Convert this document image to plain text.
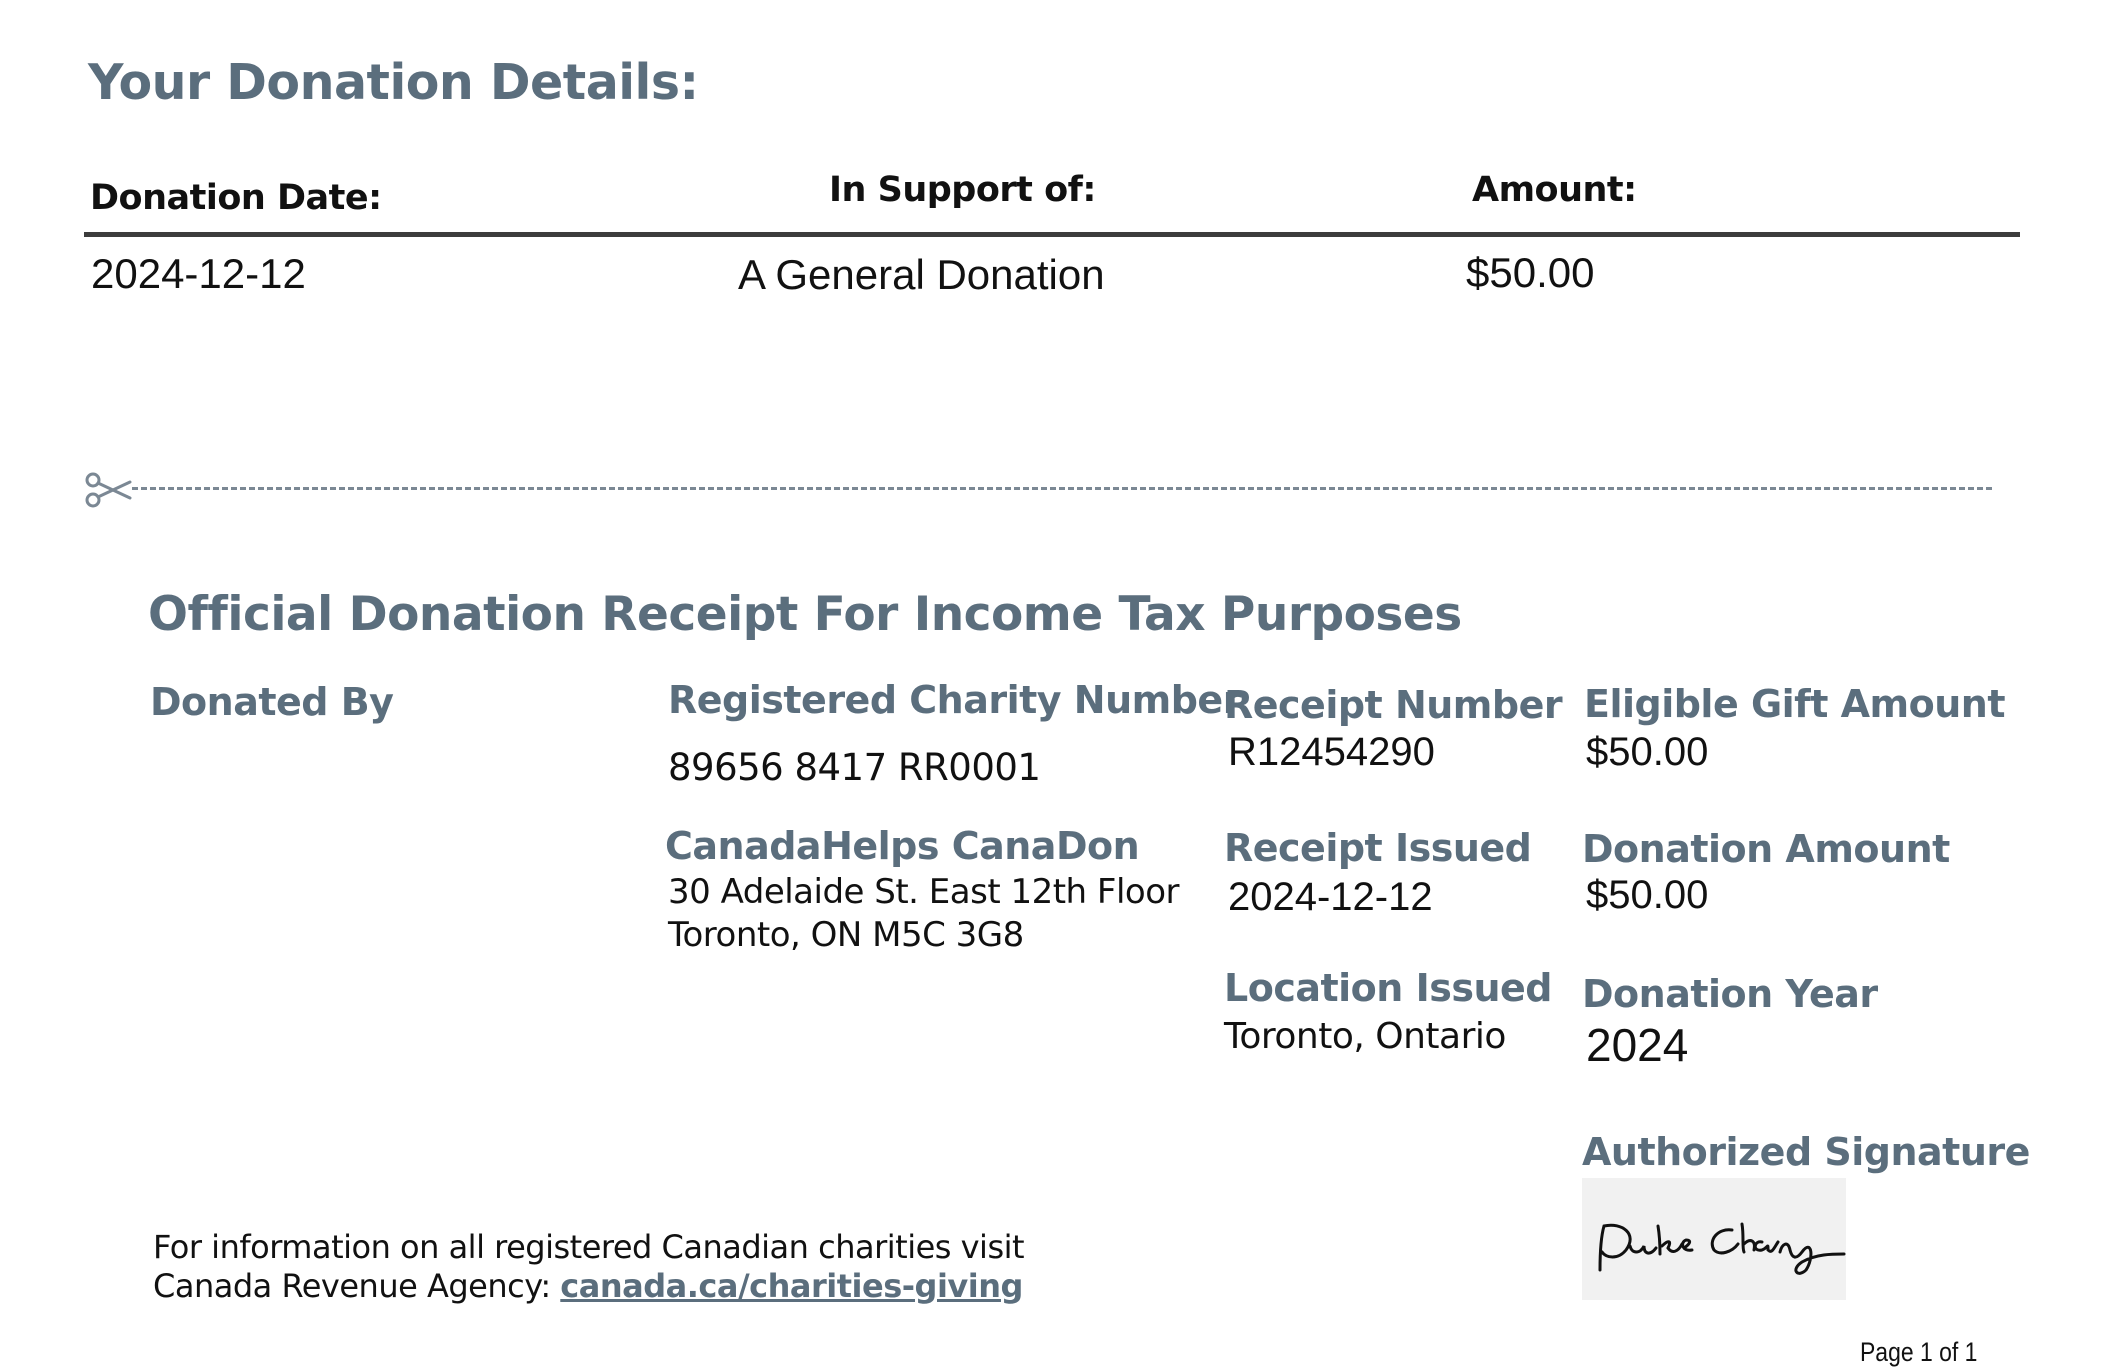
Your Donation Details:
Donation Date:	In Support of:	Amount:
2024-12-12	A General Donation	$50.00
Official Donation Receipt For Income Tax Purposes
Donated By	Registered Charity Number
89656 8417 RR0001
CanadaHelps CanaDon
30 Adelaide St. East 12th Floor
Toronto, ON M5C 3G8
Receipt Number
R12454290
Receipt Issued
2024-12-12
Location Issued
Toronto, Ontario
Eligible Gift Amount
$50.00
Donation Amount
$50.00
Donation Year
2024
Authorized Signature
For information on all registered Canadian charities visit
Canada Revenue Agency: canada.ca/charities-giving
Page 1 of 1
